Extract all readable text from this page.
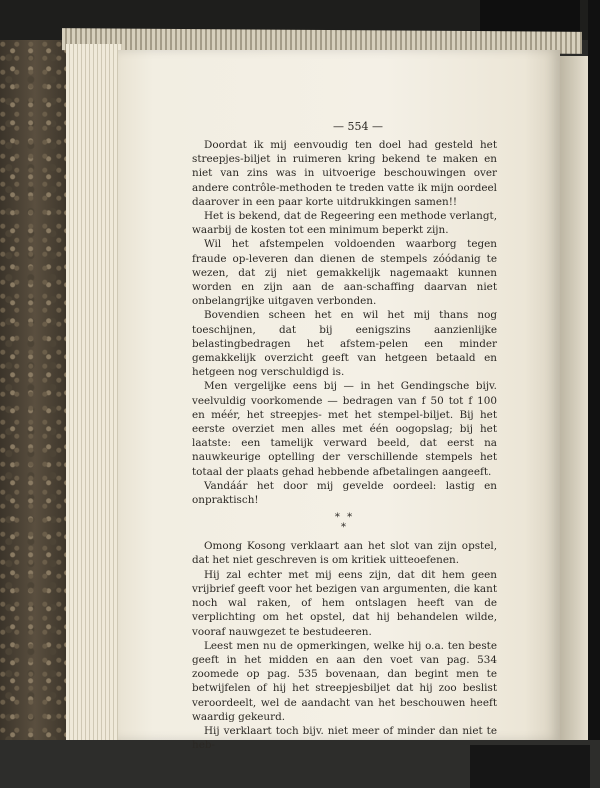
— 554 —

Doordat ik mij eenvoudig ten doel had gesteld het streepjes-biljet in ruimeren kring bekend te maken en niet van zins was in uitvoerige beschouwingen over andere contrôle-methoden te treden vatte ik mijn oordeel daarover in een paar korte uitdrukkingen samen!!

Het is bekend, dat de Regeering een methode verlangt, waarbij de kosten tot een minimum beperkt zijn.

Wil het afstempelen voldoenden waarborg tegen fraude op-leveren dan dienen de stempels zóódanig te wezen, dat zij niet gemakkelijk nagemaakt kunnen worden en zijn aan de aan-schaffing daarvan niet onbelangrijke uitgaven verbonden.

Bovendien scheen het en wil het mij thans nog toeschijnen, dat bij eenigszins aanzienlijke belastingbedragen het afstem-pelen een minder gemakkelijk overzicht geeft van hetgeen betaald en hetgeen nog verschuldigd is.

Men vergelijke eens bij — in het Gendingsche bijv. veelvuldig voorkomende — bedragen van f 50 tot f 100 en méér, het streepjes- met het stempel-biljet. Bij het eerste overziet men alles met één oogopslag; bij het laatste: een tamelijk verward beeld, dat eerst na nauwkeurige optelling der verschillende stempels het totaal der plaats gehad hebbende afbetalingen aangeeft.

Vandáár het door mij gevelde oordeel: lastig en onpraktisch!

* *
*

Omong Kosong verklaart aan het slot van zijn opstel, dat het niet geschreven is om kritiek uitteoefenen.

Hij zal echter met mij eens zijn, dat dit hem geen vrijbrief geeft voor het bezigen van argumenten, die kant noch wal raken, of hem ontslagen heeft van de verplichting om het opstel, dat hij behandelen wilde, vooraf nauwgezet te bestudeeren.

Leest men nu de opmerkingen, welke hij o.a. ten beste geeft in het midden en aan den voet van pag. 534 zoomede op pag. 535 bovenaan, dan begint men te betwijfelen of hij het streepjesbiljet dat hij zoo beslist veroordeelt, wel de aandacht van het beschouwen heeft waardig gekeurd.

Hij verklaart toch bijv. niet meer of minder dan niet te heb-
